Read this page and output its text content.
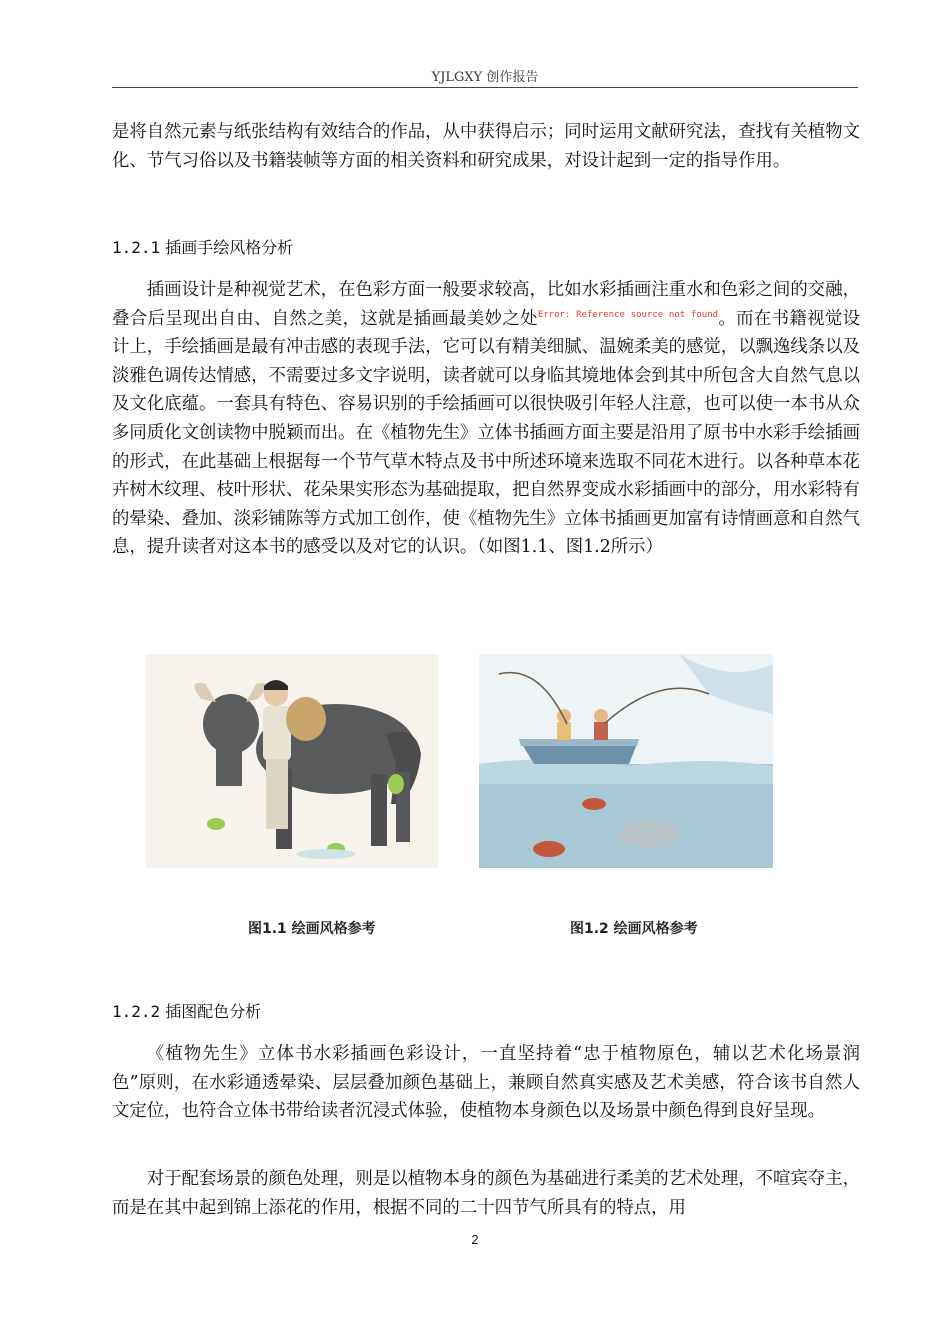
YJLGXY 创作报告

是将自然元素与纸张结构有效结合的作品，从中获得启示；同时运用文献研究法，查找有关植物文化、节气习俗以及书籍装帧等方面的相关资料和研究成果，对设计起到一定的指导作用。

1.2.1 插画手绘风格分析

插画设计是种视觉艺术，在色彩方面一般要求较高，比如水彩插画注重水和色彩之间的交融，叠合后呈现出自由、自然之美，这就是插画最美妙之处$^{Error: Reference source not found}$。而在书籍视觉设计上，手绘插画是最有冲击感的表现手法，它可以有精美细腻、温婉柔美的感觉，以飘逸线条以及淡雅色调传达情感，不需要过多文字说明，读者就可以身临其境地体会到其中所包含大自然气息以及文化底蕴。一套具有特色、容易识别的手绘插画可以很快吸引年轻人注意，也可以使一本书从众多同质化文创读物中脱颖而出。在《植物先生》立体书插画方面主要是沿用了原书中水彩手绘插画的形式，在此基础上根据每一个节气草木特点及书中所述环境来选取不同花木进行。以各种草本花卉树木纹理、枝叶形状、花朵果实形态为基础提取，把自然界变成水彩插画中的部分，用水彩特有的晕染、叠加、淡彩铺陈等方式加工创作，使《植物先生》立体书插画更加富有诗情画意和自然气息，提升读者对这本书的感受以及对它的认识。（如图1.1、图1.2所示）

图1.1 绘画风格参考	图1.2 绘画风格参考
1.2.2 插图配色分析

《植物先生》立体书水彩插画色彩设计，一直坚持着“忠于植物原色，辅以艺术化场景润色”原则，在水彩通透晕染、层层叠加颜色基础上，兼顾自然真实感及艺术美感，符合该书自然人文定位，也符合立体书带给读者沉浸式体验，使植物本身颜色以及场景中颜色得到良好呈现。

对于配套场景的颜色处理，则是以植物本身的颜色为基础进行柔美的艺术处理，不喧宾夺主，而是在其中起到锦上添花的作用，根据不同的二十四节气所具有的特点，用

2
